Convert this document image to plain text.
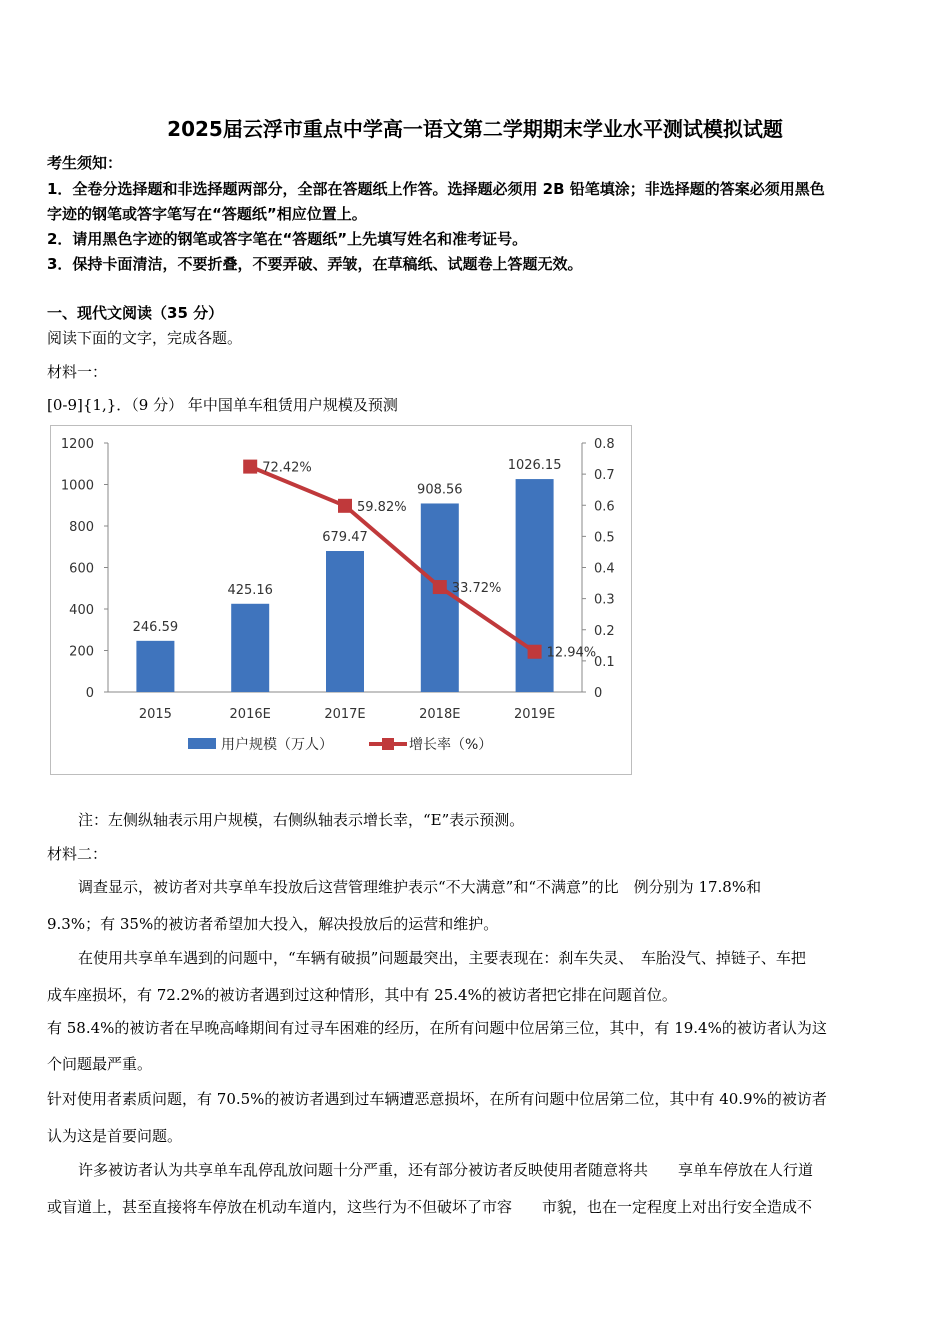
2025届云浮市重点中学高一语文第二学期期末学业水平测试模拟试题
考生须知：
1．全卷分选择题和非选择题两部分，全部在答题纸上作答。选择题必须用 2B 铅笔填涂；非选择题的答案必须用黑色
字迹的钢笔或答字笔写在“答题纸”相应位置上。
2．请用黑色字迹的钢笔或答字笔在“答题纸”上先填写姓名和准考证号。
3．保持卡面清洁，不要折叠，不要弄破、弄皱，在草稿纸、试题卷上答题无效。
一、现代文阅读（35 分）
阅读下面的文字，完成各题。
材料一：
[0-9]{1,}．（9 分） 年中国单车租赁用户规模及预测
0
200
400
600
800
1000
1200
0
0.1
0.2
0.3
0.4
0.5
0.6
0.7
0.8
246.59
425.16
679.47
908.56
1026.15
2015	2016E	2017E	2018E	2019E
72.42%
59.82%
33.72%
12.94%
用户规模（万人）	增长率（%）
注：左侧纵轴表示用户规模，右侧纵轴表示增长幸，“E”表示预测。
材料二：
调查显示，被访者对共享单车投放后这营管理维护表示“不大满意”和“不满意”的比　例分别为 17.8%和
9.3%；有 35%的被访者希望加大投入，解决投放后的运营和维护。
在使用共享单车遇到的问题中，“车辆有破损”问题最突出，主要表现在：刹车失灵、　车胎没气、掉链子、车把
成车座损坏，有 72.2%的被访者遇到过这种情形，其中有 25.4%的被访者把它排在问题首位。
有 58.4%的被访者在早晚高峰期间有过寻车困难的经历，在所有问题中位居第三位，其中，有 19.4%的被访者认为这
个问题最严重。
针对使用者素质问题，有 70.5%的被访者遇到过车辆遭恶意损坏，在所有问题中位居第二位，其中有 40.9%的被访者
认为这是首要问题。
许多被访者认为共享单车乱停乱放问题十分严重，还有部分被访者反映使用者随意将共　　享单车停放在人行道
或盲道上，甚至直接将车停放在机动车道内，这些行为不但破坏了市容　　市貌，也在一定程度上对出行安全造成不
